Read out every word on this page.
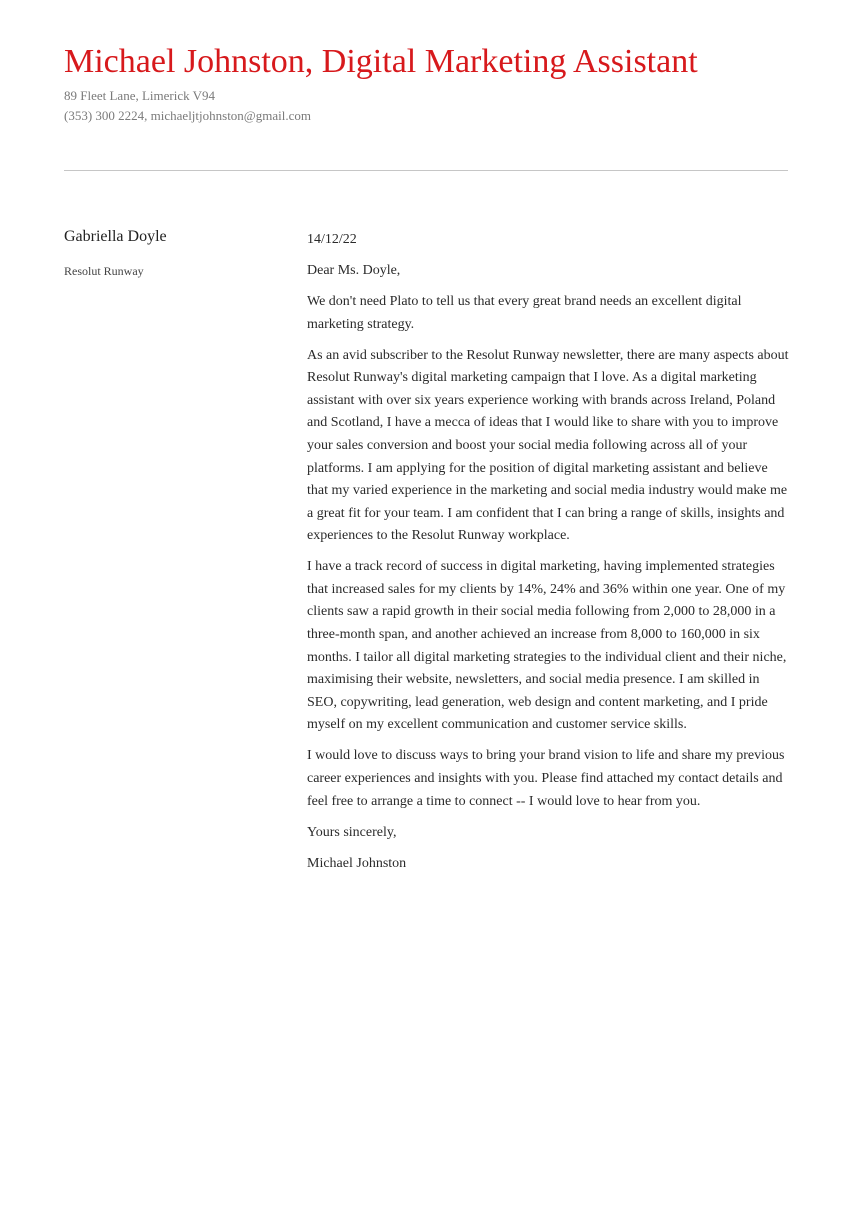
Michael Johnston, Digital Marketing Assistant
89 Fleet Lane, Limerick V94
(353) 300 2224, michaeljtjohnston@gmail.com
Gabriella Doyle
Resolut Runway

14/12/22

Dear Ms. Doyle,

We don't need Plato to tell us that every great brand needs an excellent digital marketing strategy.

As an avid subscriber to the Resolut Runway newsletter, there are many aspects about Resolut Runway's digital marketing campaign that I love. As a digital marketing assistant with over six years experience working with brands across Ireland, Poland and Scotland, I have a mecca of ideas that I would like to share with you to improve your sales conversion and boost your social media following across all of your platforms. I am applying for the position of digital marketing assistant and believe that my varied experience in the marketing and social media industry would make me a great fit for your team. I am confident that I can bring a range of skills, insights and experiences to the Resolut Runway workplace.

I have a track record of success in digital marketing, having implemented strategies that increased sales for my clients by 14%, 24% and 36% within one year. One of my clients saw a rapid growth in their social media following from 2,000 to 28,000 in a three-month span, and another achieved an increase from 8,000 to 160,000 in six months. I tailor all digital marketing strategies to the individual client and their niche, maximising their website, newsletters, and social media presence. I am skilled in SEO, copywriting, lead generation, web design and content marketing, and I pride myself on my excellent communication and customer service skills.

I would love to discuss ways to bring your brand vision to life and share my previous career experiences and insights with you. Please find attached my contact details and feel free to arrange a time to connect -- I would love to hear from you.

Yours sincerely,

Michael Johnston
